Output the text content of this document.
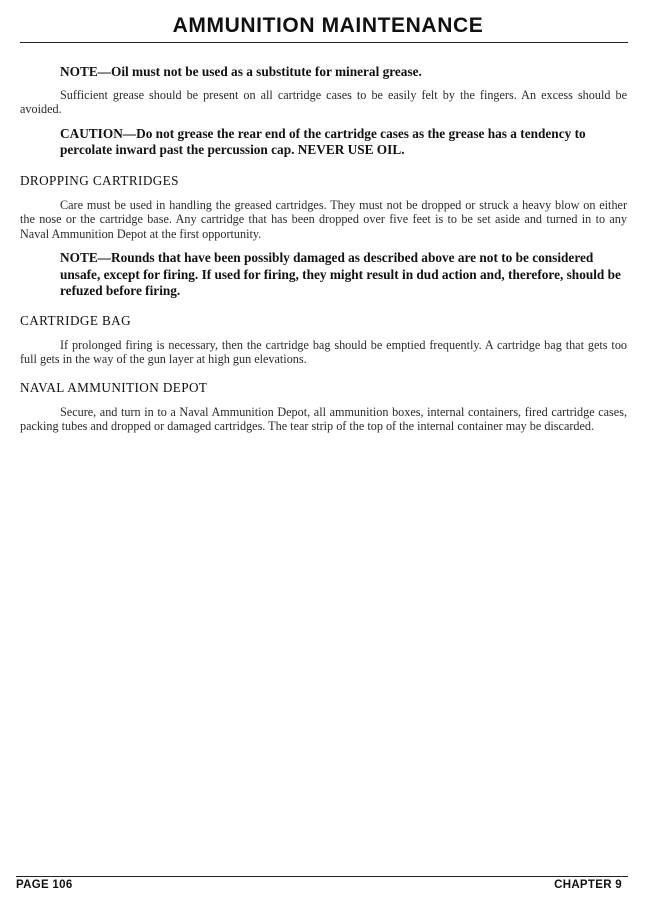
AMMUNITION MAINTENANCE

NOTE—Oil must not be used as a substitute for mineral grease.

Sufficient grease should be present on all cartridge cases to be easily felt by the fingers. An excess should be avoided.

CAUTION—Do not grease the rear end of the cartridge cases as the grease has a tendency to percolate inward past the percussion cap. NEVER USE OIL.

DROPPING CARTRIDGES

Care must be used in handling the greased cartridges. They must not be dropped or struck a heavy blow on either the nose or the cartridge base. Any cartridge that has been dropped over five feet is to be set aside and turned in to any Naval Ammunition Depot at the first opportunity.

NOTE—Rounds that have been possibly damaged as described above are not to be considered unsafe, except for firing. If used for firing, they might result in dud action and, therefore, should be refuzed before firing.

CARTRIDGE BAG

If prolonged firing is necessary, then the cartridge bag should be emptied frequently. A cartridge bag that gets too full gets in the way of the gun layer at high gun elevations.

NAVAL AMMUNITION DEPOT

Secure, and turn in to a Naval Ammunition Depot, all ammunition boxes, internal containers, fired cartridge cases, packing tubes and dropped or damaged cartridges. The tear strip of the top of the internal container may be discarded.

PAGE 106	CHAPTER 9
